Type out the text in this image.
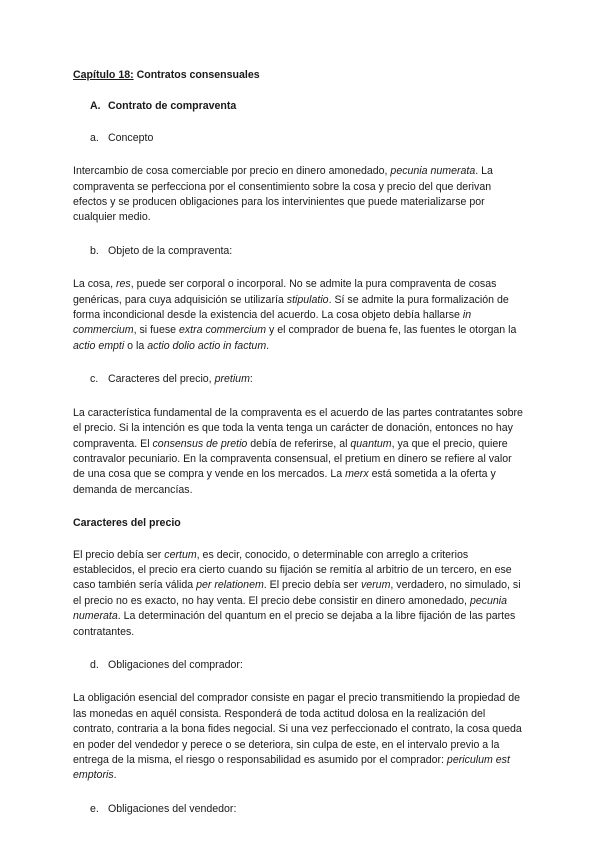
Capítulo 18: Contratos consensuales

A. Contrato de compraventa

a. Concepto

Intercambio de cosa comerciable por precio en dinero amonedado, pecunia numerata. La compraventa se perfecciona por el consentimiento sobre la cosa y precio del que derivan efectos y se producen obligaciones para los intervinientes que puede materializarse por cualquier medio.

b. Objeto de la compraventa:

La cosa, res, puede ser corporal o incorporal. No se admite la pura compraventa de cosas genéricas, para cuya adquisición se utilizaría stipulatio. Sí se admite la pura formalización de forma incondicional desde la existencia del acuerdo. La cosa objeto debía hallarse in commercium, si fuese extra commercium y el comprador de buena fe, las fuentes le otorgan la actio empti o la actio dolio actio in factum.

c. Caracteres del precio, pretium:

La característica fundamental de la compraventa es el acuerdo de las partes contratantes sobre el precio. Si la intención es que toda la venta tenga un carácter de donación, entonces no hay compraventa. El consensus de pretio debía de referirse, al quantum, ya que el precio, quiere contravalor pecuniario. En la compraventa consensual, el pretium en dinero se refiere al valor de una cosa que se compra y vende en los mercados. La merx está sometida a la oferta y demanda de mercancías.

Caracteres del precio

El precio debía ser certum, es decir, conocido, o determinable con arreglo a criterios establecidos, el precio era cierto cuando su fijación se remitía al arbitrio de un tercero, en ese caso también sería válida per relationem. El precio debía ser verum, verdadero, no simulado, si el precio no es exacto, no hay venta. El precio debe consistir en dinero amonedado, pecunia numerata. La determinación del quantum en el precio se dejaba a la libre fijación de las partes contratantes.

d. Obligaciones del comprador:

La obligación esencial del comprador consiste en pagar el precio transmitiendo la propiedad de las monedas en aquél consista. Responderá de toda actitud dolosa en la realización del contrato, contraria a la bona fides negocial. Si una vez perfeccionado el contrato, la cosa queda en poder del vendedor y perece o se deteriora, sin culpa de este, en el intervalo previo a la entrega de la misma, el riesgo o responsabilidad es asumido por el comprador: periculum est emptoris.

e. Obligaciones del vendedor:
